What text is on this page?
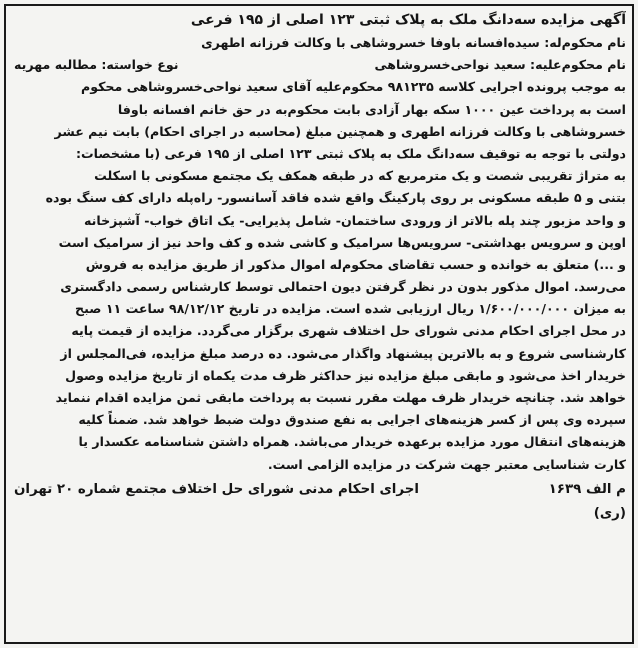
آگهی مزایده سه‌دانگ ملک به پلاک ثبتی ۱۲۳ اصلی از ۱۹۵ فرعی
نام محکوم‌له: سیده‌افسانه باوفا خسروشاهی با وکالت فرزانه اطهری
نام محکوم‌علیه: سعید نواحی‌خسروشاهی
نوع خواسته: مطالبه مهریه
به موجب پرونده اجرایی کلاسه ۹۸۱۲۳۵ محکوم‌علیه آقای سعید نواحی‌خسروشاهی محکوم
است به پرداخت عین ۱۰۰۰ سکه بهار آزادی بابت محکوم‌به در حق خانم افسانه باوفا
خسروشاهی با وکالت فرزانه اطهری و همچنین مبلغ (محاسبه در اجرای احکام) بابت نیم عشر
دولتی با توجه به توقیف سه‌دانگ ملک به پلاک ثبتی ۱۲۳ اصلی از ۱۹۵ فرعی (با مشخصات:
به متراژ تقریبی شصت و یک مترمربع که در طبقه همکف یک مجتمع مسکونی با اسکلت
بتنی و ۵ طبقه مسکونی بر روی پارکینگ واقع شده فاقد آسانسور- راه‌پله دارای کف سنگ بوده
و واحد مزبور چند پله بالاتر از ورودی ساختمان- شامل پذیرایی- یک اتاق خواب- آشپزخانه
اوپن و سرویس بهداشتی- سرویس‌ها سرامیک و کاشی شده و کف واحد نیز از سرامیک است
و ...) متعلق به خوانده و حسب تقاضای محکوم‌له اموال مذکور از طریق مزایده به فروش
می‌رسد. اموال مذکور بدون در نظر گرفتن دیون احتمالی توسط کارشناس رسمی دادگستری
به میزان ۱/۶۰۰/۰۰۰/۰۰۰ ریال ارزیابی شده است. مزایده در تاریخ ۹۸/۱۲/۱۲ ساعت ۱۱ صبح
در محل اجرای احکام مدنی شورای حل اختلاف شهری برگزار می‌گردد. مزایده از قیمت پایه
کارشناسی شروع و به بالاترین پیشنهاد واگذار می‌شود. ده درصد مبلغ مزایده، فی‌المجلس از
خریدار اخذ می‌شود و مابقی مبلغ مزایده نیز حداکثر ظرف مدت یکماه از تاریخ مزایده وصول
خواهد شد. چنانچه خریدار ظرف مهلت مقرر نسبت به پرداخت مابقی ثمن مزایده اقدام ننماید
سپرده وی پس از کسر هزینه‌های اجرایی به نفع صندوق دولت ضبط خواهد شد. ضمناً کلیه
هزینه‌های انتقال مورد مزایده برعهده خریدار می‌باشد. همراه داشتن شناسنامه عکسدار یا
کارت شناسایی معتبر جهت شرکت در مزایده الزامی است.
م الف ۱۶۳۹
اجرای احکام مدنی شورای حل اختلاف مجتمع شماره ۲۰ تهران
(ری)
